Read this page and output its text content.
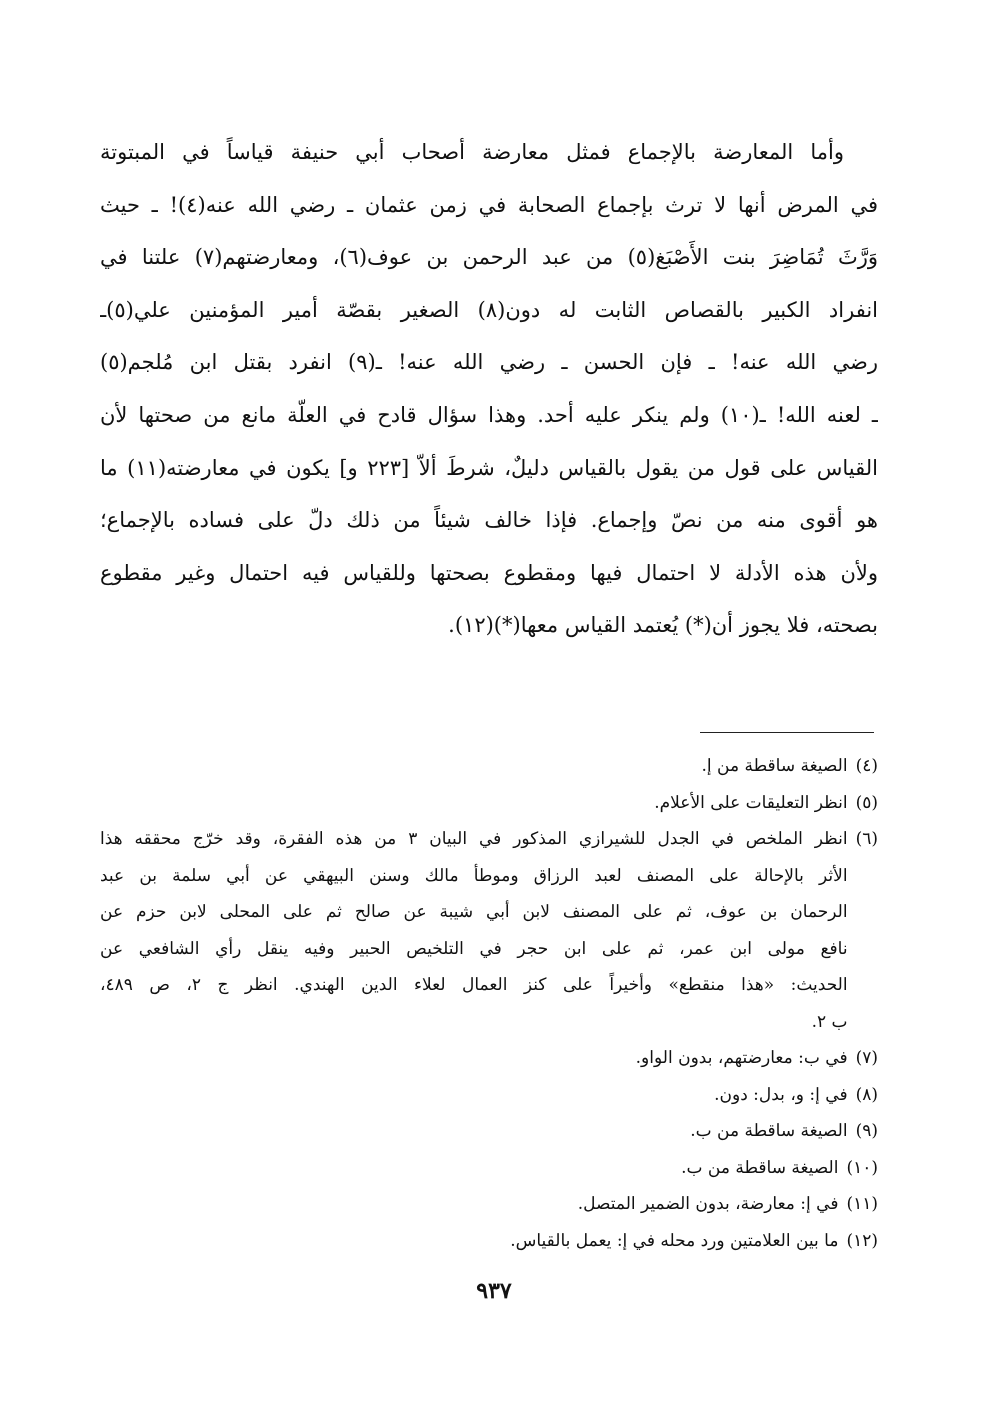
وأما المعارضة بالإجماع فمثل معارضة أصحاب أبي حنيفة قياساً في المبتوتة
في المرض أنها لا ترث بإجماع الصحابة في زمن عثمان ـ رضي الله عنه(٤)! ـ حيث
وَرَّثَ تُمَاضِرَ بنت الأَصْبَغ(٥) من عبد الرحمن بن عوف(٦)، ومعارضتهم(٧) علتنا في
انفراد الكبير بالقصاص الثابت له دون(٨) الصغير بقصّة أمير المؤمنين علي(٥)ـ
رضي الله عنه! ـ فإن الحسن ـ رضي الله عنه! ـ(٩) انفرد بقتل ابن مُلجم(٥)
ـ لعنه الله! ـ(١٠) ولم ينكر عليه أحد. وهذا سؤال قادح في العلّة مانع من صحتها لأن
القياس على قول من يقول بالقياس دليلٌ، شرطَ ألاّ [٢٢٣ و] يكون في معارضته(١١) ما
هو أقوى منه من نصّ وإجماع. فإذا خالف شيئاً من ذلك دلّ على فساده بالإجماع؛
ولأن هذه الأدلة لا احتمال فيها ومقطوع بصحتها وللقياس فيه احتمال وغير مقطوع
بصحته، فلا يجوز أن(*) يُعتمد القياس معها(*)(١٢).
(٤)
الصيغة ساقطة من إ.
(٥)
انظر التعليقات على الأعلام.
(٦)
انظر الملخص في الجدل للشيرازي المذكور في البيان ٣ من هذه الفقرة، وقد خرّج محققه هذا
الأثر بالإحالة على المصنف لعبد الرزاق وموطأ مالك وسنن البيهقي عن أبي سلمة بن عبد
الرحمان بن عوف، ثم على المصنف لابن أبي شيبة عن صالح ثم على المحلى لابن حزم عن
نافع مولى ابن عمر، ثم على ابن حجر في التلخيص الحبير وفيه ينقل رأي الشافعي عن
الحديث: «هذا منقطع» وأخيراً على كنز العمال لعلاء الدين الهندي. انظر ج ٢، ص ٤٨٩،
ب ٢.
(٧)
في ب: معارضتهم، بدون الواو.
(٨)
في إ: و، بدل: دون.
(٩)
الصيغة ساقطة من ب.
(١٠)
الصيغة ساقطة من ب.
(١١)
في إ: معارضة، بدون الضمير المتصل.
(١٢)
ما بين العلامتين ورد محله في إ: يعمل بالقياس.
٩٣٧
